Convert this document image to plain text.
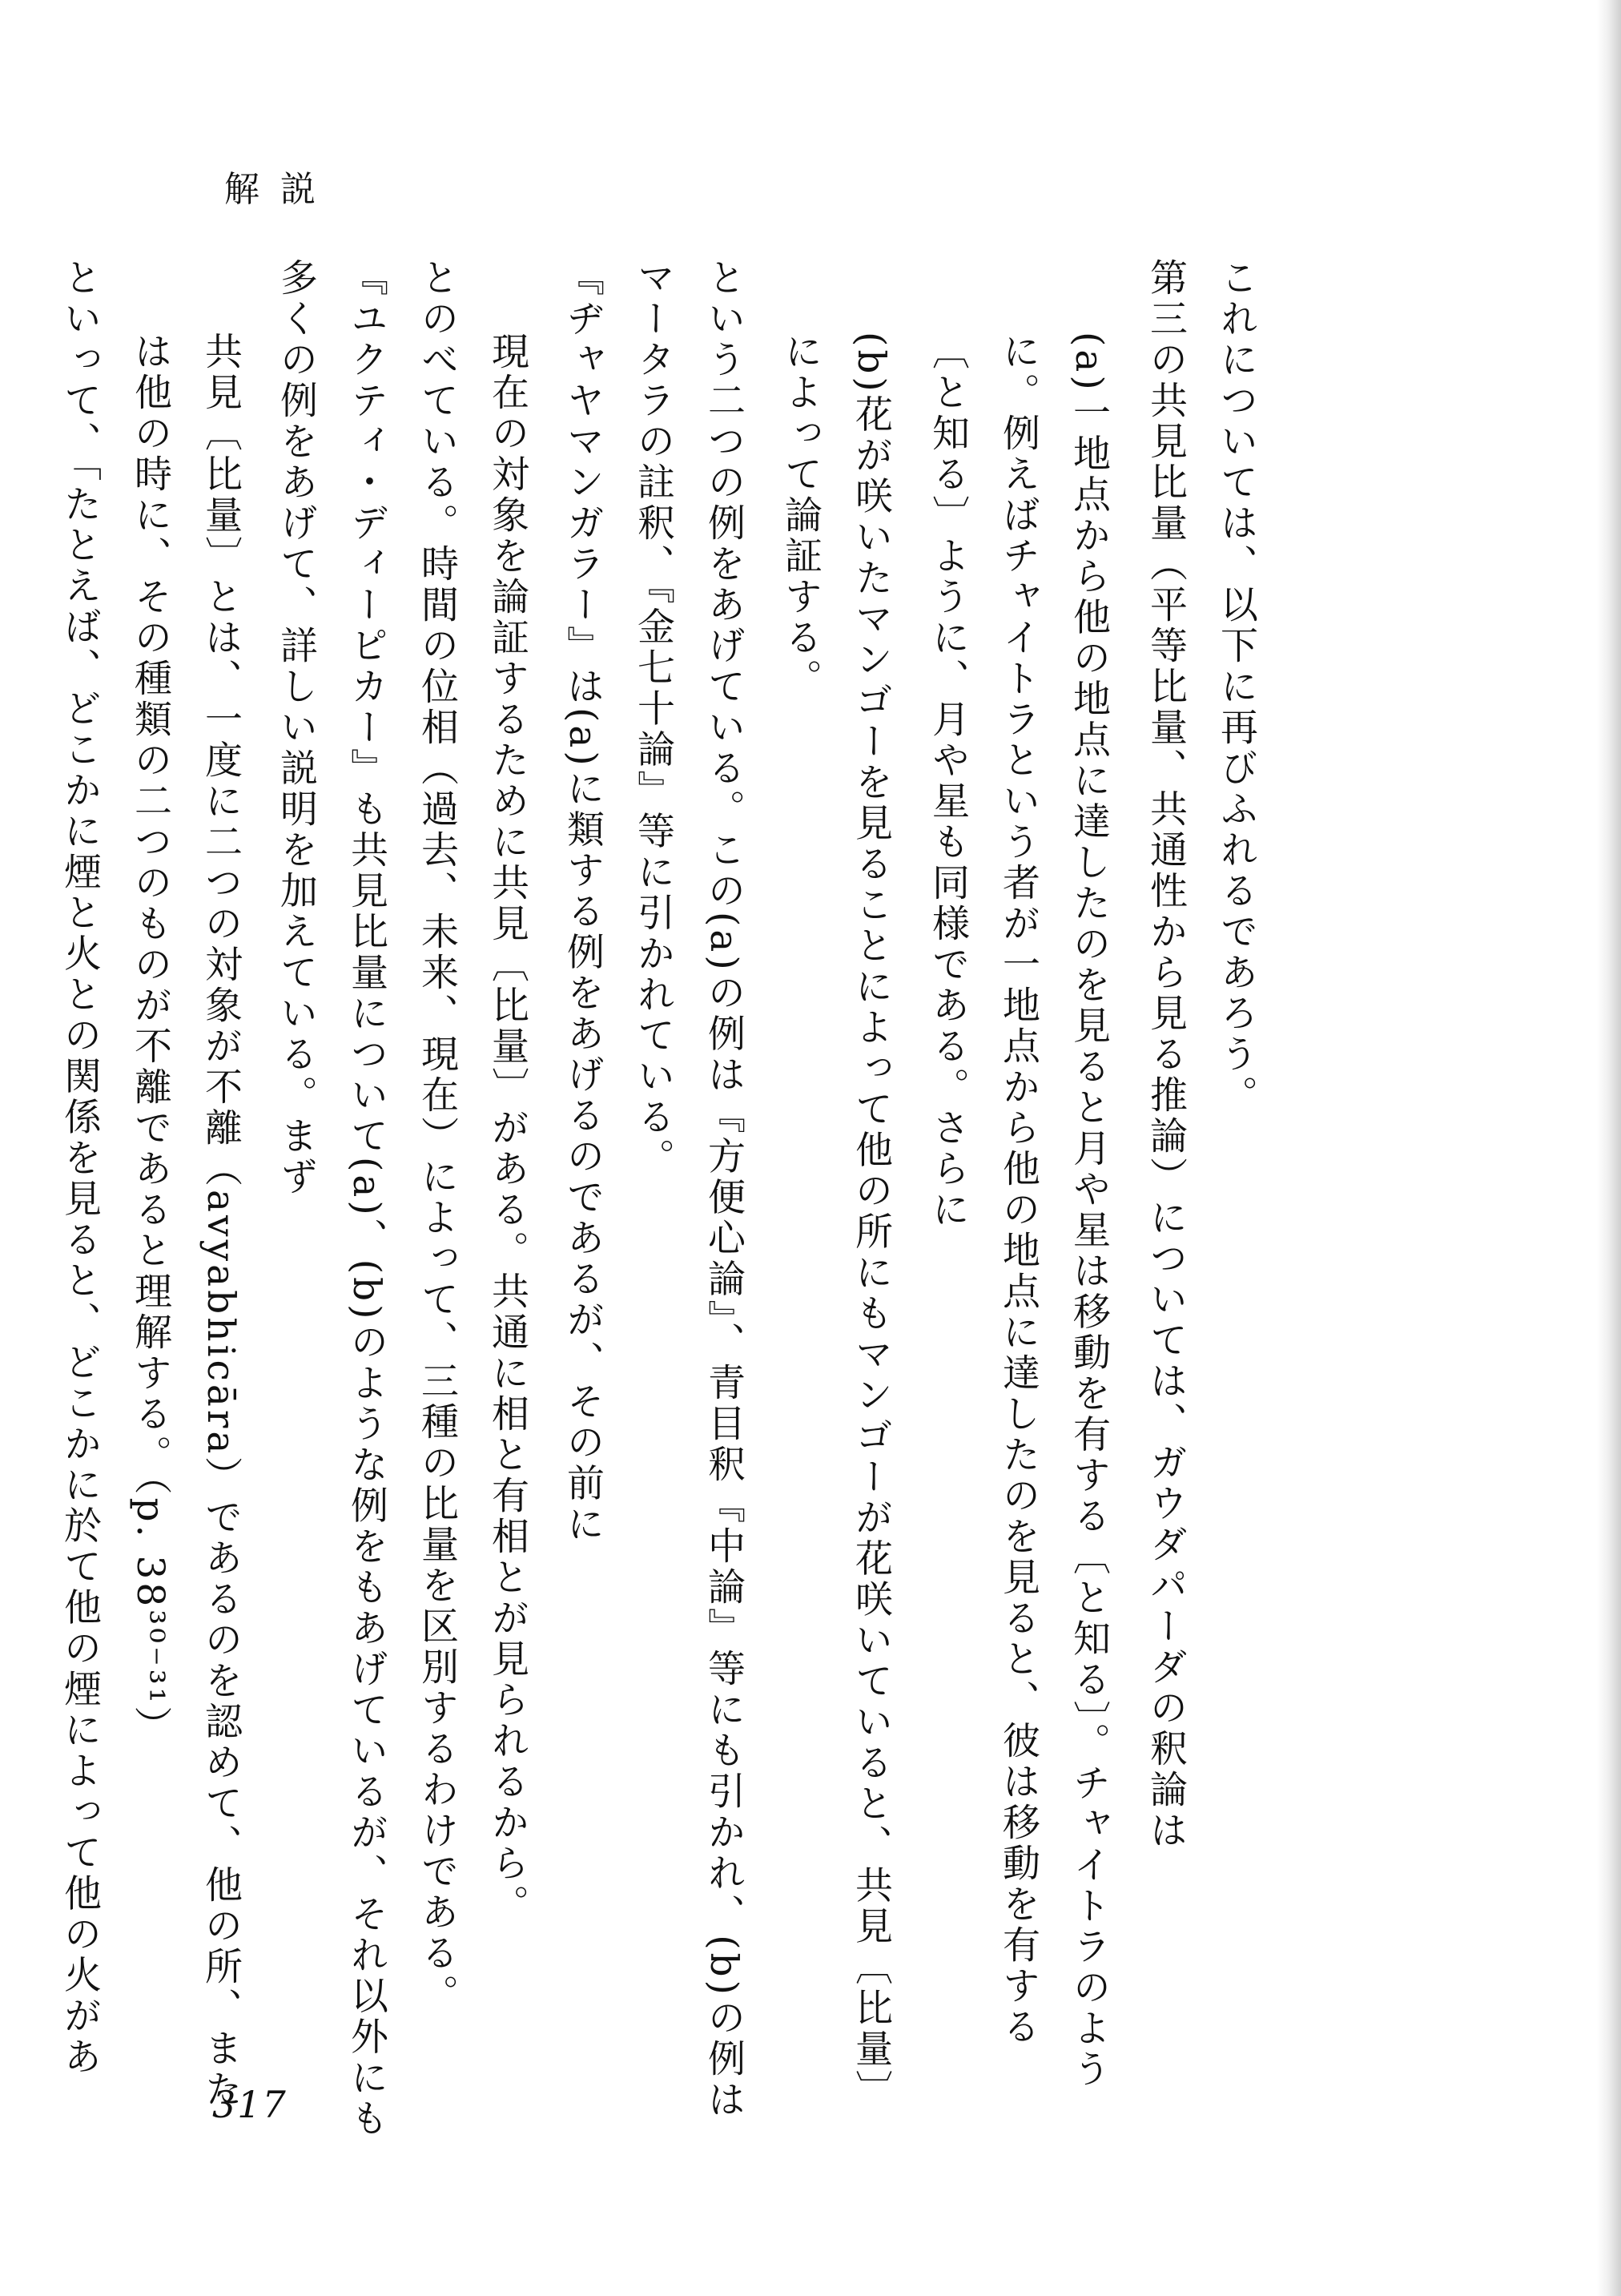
解説
これについては、以下に再びふれるであろう。
第三の共見比量（平等比量、共通性から見る推論）については、ガウダパーダの釈論は
(a)一地点から他の地点に達したのを見ると月や星は移動を有する〔と知る〕。チャイトラのよう
に。例えばチャイトラという者が一地点から他の地点に達したのを見ると、彼は移動を有する
〔と知る〕ように、月や星も同様である。さらに
(b)花が咲いたマンゴーを見ることによって他の所にもマンゴーが花咲いていると、共見〔比量〕
によって論証する。
という二つの例をあげている。この(a)の例は『方便心論』、青目釈『中論』等にも引かれ、(b)の例は
マータラの註釈、『金七十論』等に引かれている。
『ヂャヤマンガラー』は(a)に類する例をあげるのであるが、その前に
現在の対象を論証するために共見〔比量〕がある。共通に相と有相とが見られるから。
とのべている。時間の位相（過去、未来、現在）によって、三種の比量を区別するわけである。
『ユクティ・ディーピカー』も共見比量について(a)、(b)のような例をもあげているが、それ以外にも
多くの例をあげて、詳しい説明を加えている。まず
共見〔比量〕とは、一度に二つの対象が不離（avyabhicāra）であるのを認めて、他の所、また
は他の時に、その種類の二つのものが不離であると理解する。（p. 38³⁰⁻³¹）
といって、「たとえば、どこかに煙と火との関係を見ると、どこかに於て他の煙によって他の火があ
317
